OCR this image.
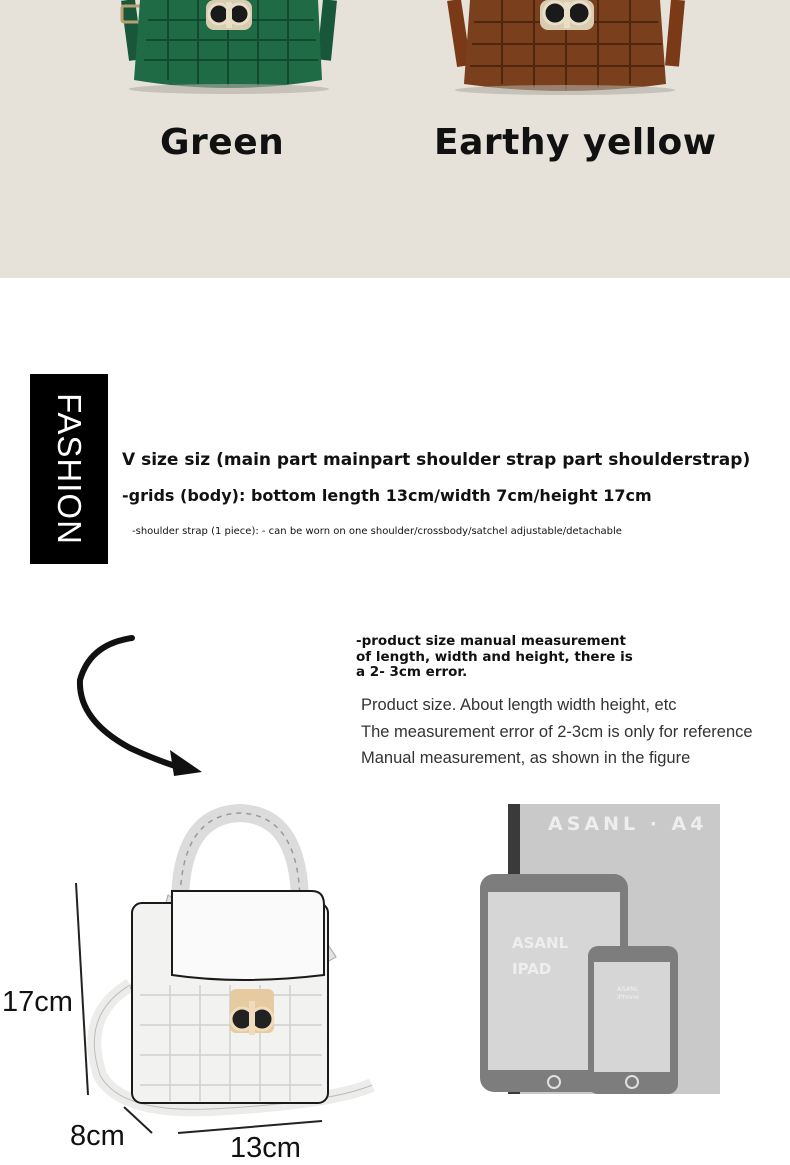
Green	Earthy yellow
FASHION V size siz (main part mainpart shoulder strap part shoulderstrap)
-grids (body): bottom length 13cm/width 7cm/height 17cm
-shoulder strap (1 piece): - can be worn on one shoulder/crossbody/satchel adjustable/detachable
-product size manual measurement of length, width and height, there is a 2- 3cm error.
Product size. About length width height, etc
The measurement error of 2-3cm is only for reference
Manual measurement, as shown in the figure
17cm
8cm	13cm
ASANL · A4
ASANL IPAD
ASANL iPhone
